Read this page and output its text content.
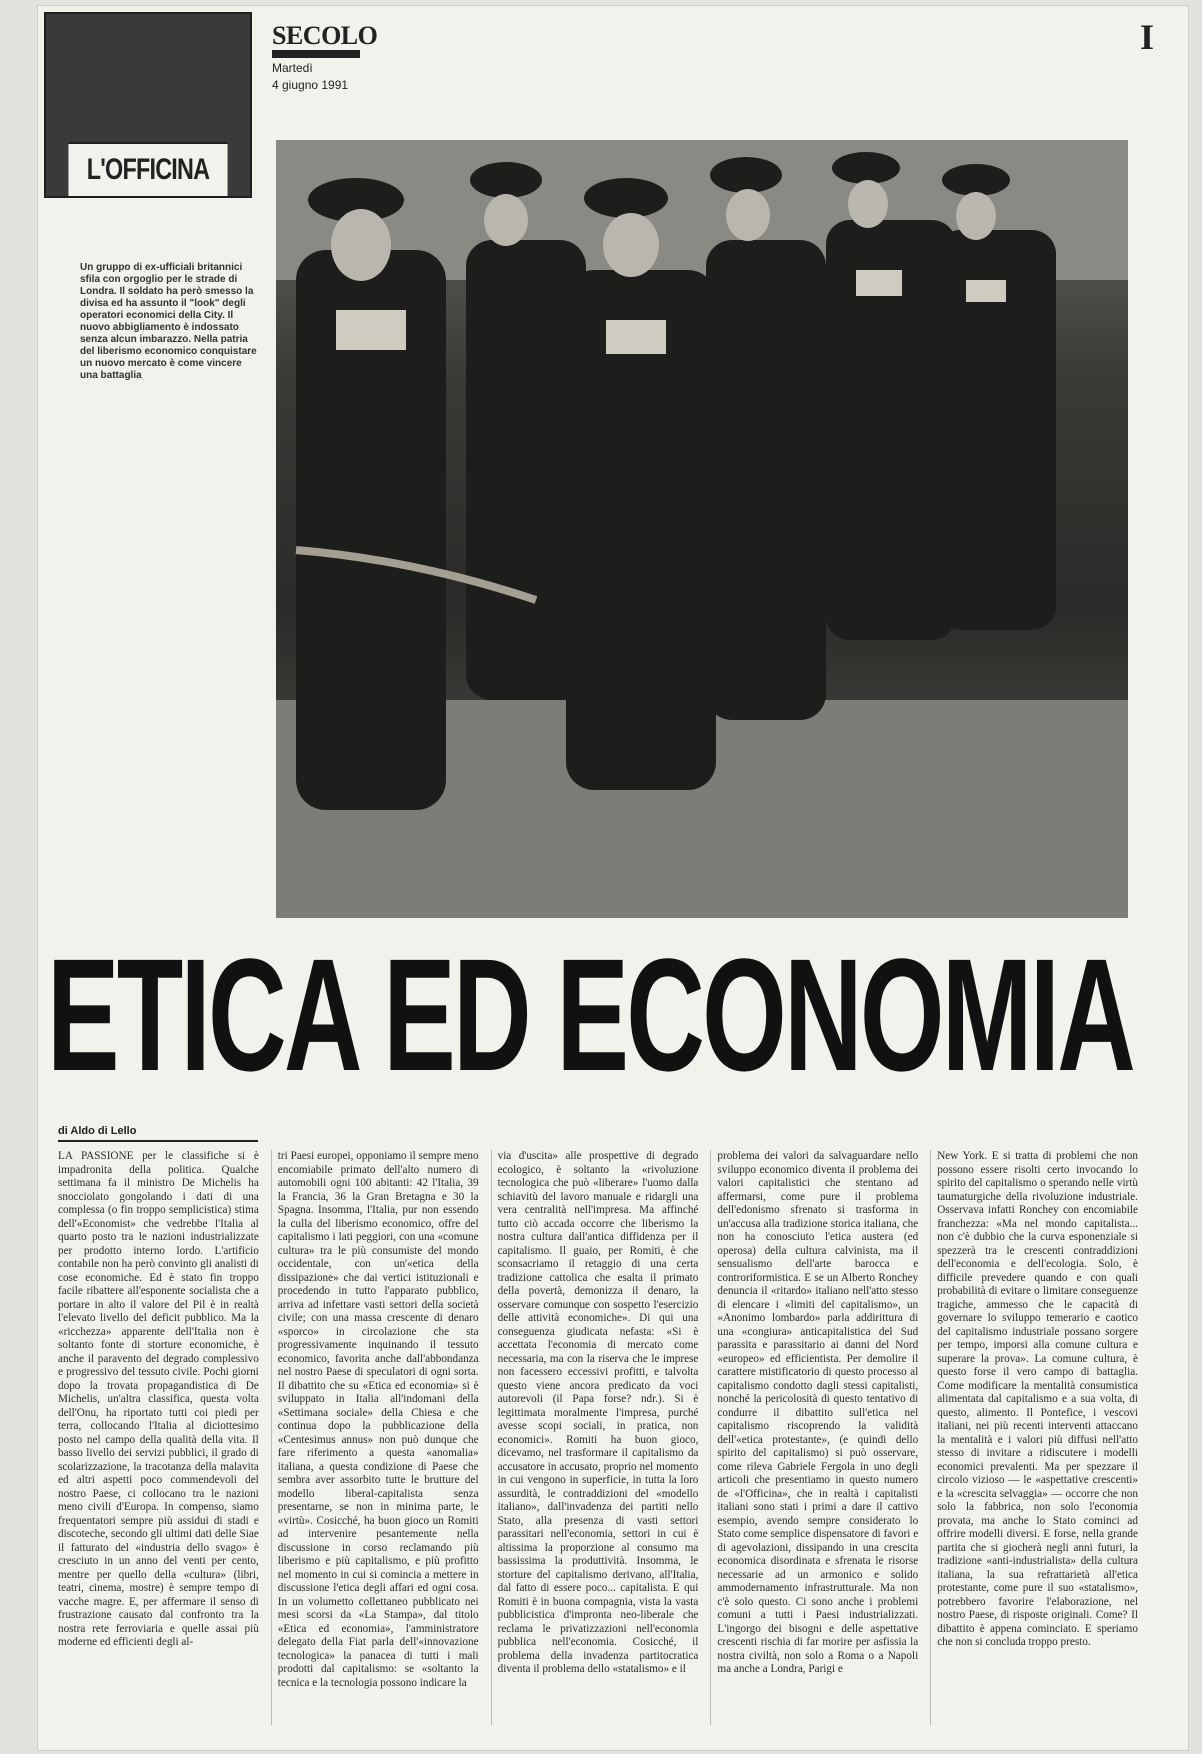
L'OFFICINA
SECOLO
Martedì
4 giugno 1991
I
Un gruppo di ex-ufficiali britannici sfila con orgoglio per le strade di Londra. Il soldato ha però smesso la divisa ed ha assunto il "look" degli operatori economici della City. Il nuovo abbigliamento è indossato senza alcun imbarazzo. Nella patria del liberismo economico conquistare un nuovo mercato è come vincere una battaglia
ETICA ED ECONOMIA
di Aldo di Lello
LA PASSIONE per le classifiche si è impadronita della politica. Qualche settimana fa il ministro De Michelis ha snocciolato gongolando i dati di una complessa (o fin troppo semplicistica) stima dell'«Economist» che vedrebbe l'Italia al quarto posto tra le nazioni industrializzate per prodotto interno lordo. L'artificio contabile non ha però convinto gli analisti di cose economiche. Ed è stato fin troppo facile ribattere all'esponente socialista che a portare in alto il valore del Pil è in realtà l'elevato livello del deficit pubblico. Ma la «ricchezza» apparente dell'Italia non è soltanto fonte di storture economiche, è anche il paravento del degrado complessivo e progressivo del tessuto civile. Pochi giorni dopo la trovata propagandistica di De Michelis, un'altra classifica, questa volta dell'Onu, ha riportato tutti coi piedi per terra, collocando l'Italia al diciottesimo posto nel campo della qualità della vita. Il basso livello dei servizi pubblici, il grado di scolarizzazione, la tracotanza della malavita ed altri aspetti poco commendevoli del nostro Paese, ci collocano tra le nazioni meno civili d'Europa. In compenso, siamo frequentatori sempre più assidui di stadi e discoteche, secondo gli ultimi dati delle Siae il fatturato del «industria dello svago» è cresciuto in un anno del venti per cento, mentre per quello della «cultura» (libri, teatri, cinema, mostre) è sempre tempo di vacche magre. E, per affermare il senso di frustrazione causato dal confronto tra la nostra rete ferroviaria e quelle assai più moderne ed efficienti degli al-
tri Paesi europei, opponiamo il sempre meno encomiabile primato dell'alto numero di automobili ogni 100 abitanti: 42 l'Italia, 39 la Francia, 36 la Gran Bretagna e 30 la Spagna. Insomma, l'Italia, pur non essendo la culla del liberismo economico, offre del capitalismo i lati peggiori, con una «comune cultura» tra le più consumiste del mondo occidentale, con un'«etica della dissipazione» che dai vertici istituzionali e procedendo in tutto l'apparato pubblico, arriva ad infettare vasti settori della società civile; con una massa crescente di denaro «sporco» in circolazione che sta progressivamente inquinando il tessuto economico, favorita anche dall'abbondanza nel nostro Paese di speculatori di ogni sorta. Il dibattito che su «Etica ed economia» si è sviluppato in Italia all'indomani della «Settimana sociale» della Chiesa e che continua dopo la pubblicazione della «Centesimus annus» non può dunque che fare riferimento a questa «anomalia» italiana, a questa condizione di Paese che sembra aver assorbito tutte le brutture del modello liberal-capitalista senza presentarne, se non in minima parte, le «virtù». Cosicché, ha buon gioco un Romiti ad intervenire pesantemente nella discussione in corso reclamando più liberismo e più capitalismo, e più profitto nel momento in cui si comincia a mettere in discussione l'etica degli affari ed ogni cosa. In un volumetto collettaneo pubblicato nei mesi scorsi da «La Stampa», dal titolo «Etica ed economia», l'amministratore delegato della Fiat parla dell'«innovazione tecnologica» la panacea di tutti i mali prodotti dal capitalismo: se «soltanto la tecnica e la tecnologia possono indicare la
via d'uscita» alle prospettive di degrado ecologico, è soltanto la «rivoluzione tecnologica che può «liberare» l'uomo dalla schiavitù del lavoro manuale e ridargli una vera centralità nell'impresa. Ma affinché tutto ciò accada occorre che liberismo la nostra cultura dall'antica diffidenza per il capitalismo. Il guaio, per Romiti, è che sconsacriamo il retaggio di una certa tradizione cattolica che esalta il primato della povertà, demonizza il denaro, la osservare comunque con sospetto l'esercizio delle attività economiche». Di qui una conseguenza giudicata nefasta: «Si è accettata l'economia di mercato come necessaria, ma con la riserva che le imprese non facessero eccessivi profitti, e talvolta questo viene ancora predicato da voci autorevoli (il Papa forse? ndr.). Si è legittimata moralmente l'impresa, purché avesse scopi sociali, in pratica, non economici». Romiti ha buon gioco, dicevamo, nel trasformare il capitalismo da accusatore in accusato, proprio nel momento in cui vengono in superficie, in tutta la loro assurdità, le contraddizioni del «modello italiano», dall'invadenza dei partiti nello Stato, alla presenza di vasti settori parassitari nell'economia, settori in cui è altissima la proporzione al consumo ma bassissima la produttività. Insomma, le storture del capitalismo derivano, all'Italia, dal fatto di essere poco... capitalista. E qui Romiti è in buona compagnia, vista la vasta pubblicistica d'impronta neo-liberale che reclama le privatizzazioni nell'economia pubblica nell'economia. Cosicché, il problema della invadenza partitocratica diventa il problema dello «statalismo» e il
problema dei valori da salvaguardare nello sviluppo economico diventa il problema dei valori capitalistici che stentano ad affermarsi, come pure il problema dell'edonismo sfrenato si trasforma in un'accusa alla tradizione storica italiana, che non ha conosciuto l'etica austera (ed operosa) della cultura calvinista, ma il sensualismo dell'arte barocca e controriformistica. E se un Alberto Ronchey denuncia il «ritardo» italiano nell'atto stesso di elencare i «limiti del capitalismo», un «Anonimo lombardo» parla addirittura di una «congiura» anticapitalistica del Sud parassita e parassitario ai danni del Nord «europeo» ed efficientista. Per demolire il carattere mistificatorio di questo processo al capitalismo condotto dagli stessi capitalisti, nonché la pericolosità di questo tentativo di condurre il dibattito sull'etica nel capitalismo riscoprendo la validità dell'«etica protestante», (e quindi dello spirito del capitalismo) si può osservare, come rileva Gabriele Fergola in uno degli articoli che presentiamo in questo numero de «l'Officina», che in realtà i capitalisti italiani sono stati i primi a dare il cattivo esempio, avendo sempre considerato lo Stato come semplice dispensatore di favori e di agevolazioni, dissipando in una crescita economica disordinata e sfrenata le risorse necessarie ad un armonico e solido ammodernamento infrastrutturale. Ma non c'è solo questo. Ci sono anche i problemi comuni a tutti i Paesi industrializzati. L'ingorgo dei bisogni e delle aspettative crescenti rischia di far morire per asfissia la nostra civiltà, non solo a Roma o a Napoli ma anche a Londra, Parigi e
New York. E si tratta di problemi che non possono essere risolti certo invocando lo spirito del capitalismo o sperando nelle virtù taumaturgiche della rivoluzione industriale. Osservava infatti Ronchey con encomiabile franchezza: «Ma nel mondo capitalista... non c'è dubbio che la curva esponenziale si spezzerà tra le crescenti contraddizioni dell'economia e dell'ecologia. Solo, è difficile prevedere quando e con quali probabilità di evitare o limitare conseguenze tragiche, ammesso che le capacità di governare lo sviluppo temerario e caotico del capitalismo industriale possano sorgere per tempo, imporsi alla comune cultura e superare la prova». La comune cultura, è questo forse il vero campo di battaglia. Come modificare la mentalità consumistica alimentata dal capitalismo e a sua volta, di questo, alimento. Il Pontefice, i vescovi italiani, nei più recenti interventi attaccano la mentalità e i valori più diffusi nell'atto stesso di invitare a ridiscutere i modelli economici prevalenti. Ma per spezzare il circolo vizioso — le «aspettative crescenti» e la «crescita selvaggia» — occorre che non solo la fabbrica, non solo l'economia provata, ma anche lo Stato cominci ad offrire modelli diversi. E forse, nella grande partita che si giocherà negli anni futuri, la tradizione «anti-industrialista» della cultura italiana, la sua refrattarietà all'etica protestante, come pure il suo «statalismo», potrebbero favorire l'elaborazione, nel nostro Paese, di risposte originali. Come? Il dibattito è appena cominciato. E speriamo che non si concluda troppo presto.
